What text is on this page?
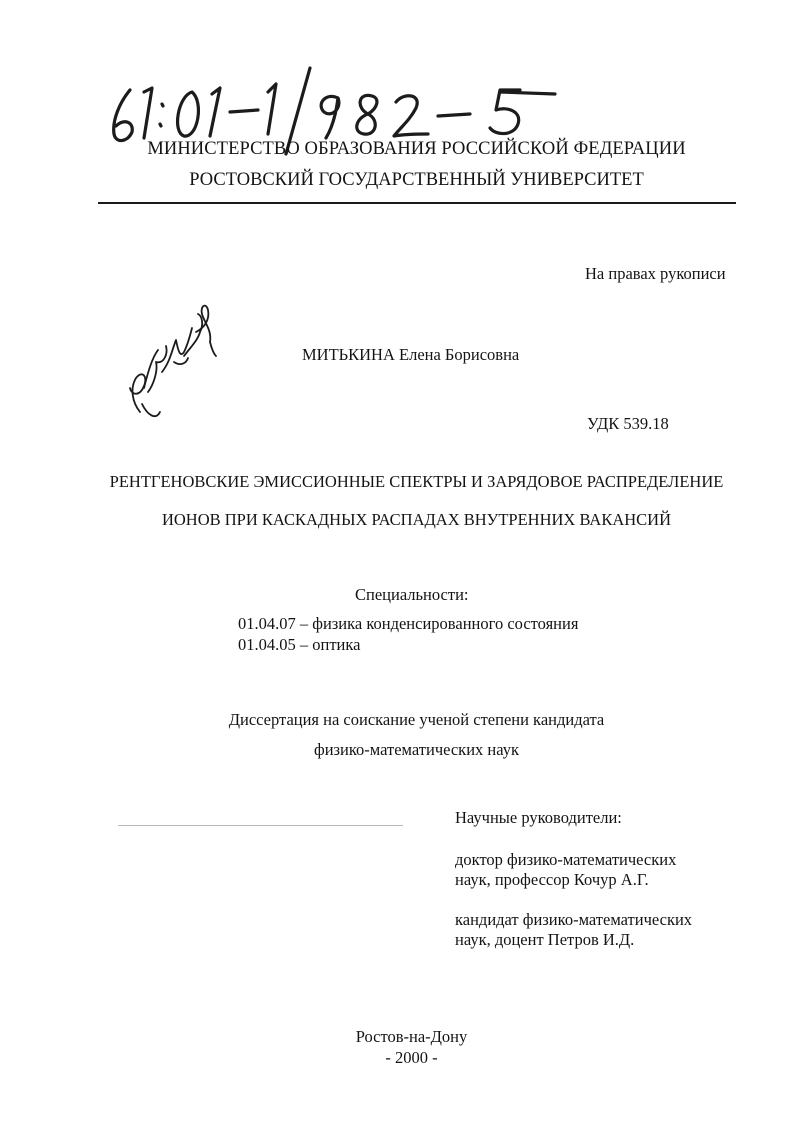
МИНИСТЕРСТВО ОБРАЗОВАНИЯ РОССИЙСКОЙ ФЕДЕРАЦИИ

РОСТОВСКИЙ ГОСУДАРСТВЕННЫЙ УНИВЕРСИТЕТ

На правах рукописи

МИТЬКИНА Елена Борисовна

УДК 539.18

РЕНТГЕНОВСКИЕ ЭМИССИОННЫЕ СПЕКТРЫ И ЗАРЯДОВОЕ РАСПРЕДЕЛЕНИЕ

ИОНОВ ПРИ КАСКАДНЫХ РАСПАДАХ ВНУТРЕННИХ ВАКАНСИЙ

Специальности:

01.04.07 – физика конденсированного состояния

01.04.05 – оптика

Диссертация на соискание ученой степени кандидата

физико-математических наук

Научные руководители:

доктор физико-математических

наук, профессор Кочур А.Г.

кандидат физико-математических

наук, доцент Петров И.Д.

Ростов-на-Дону

- 2000 -
